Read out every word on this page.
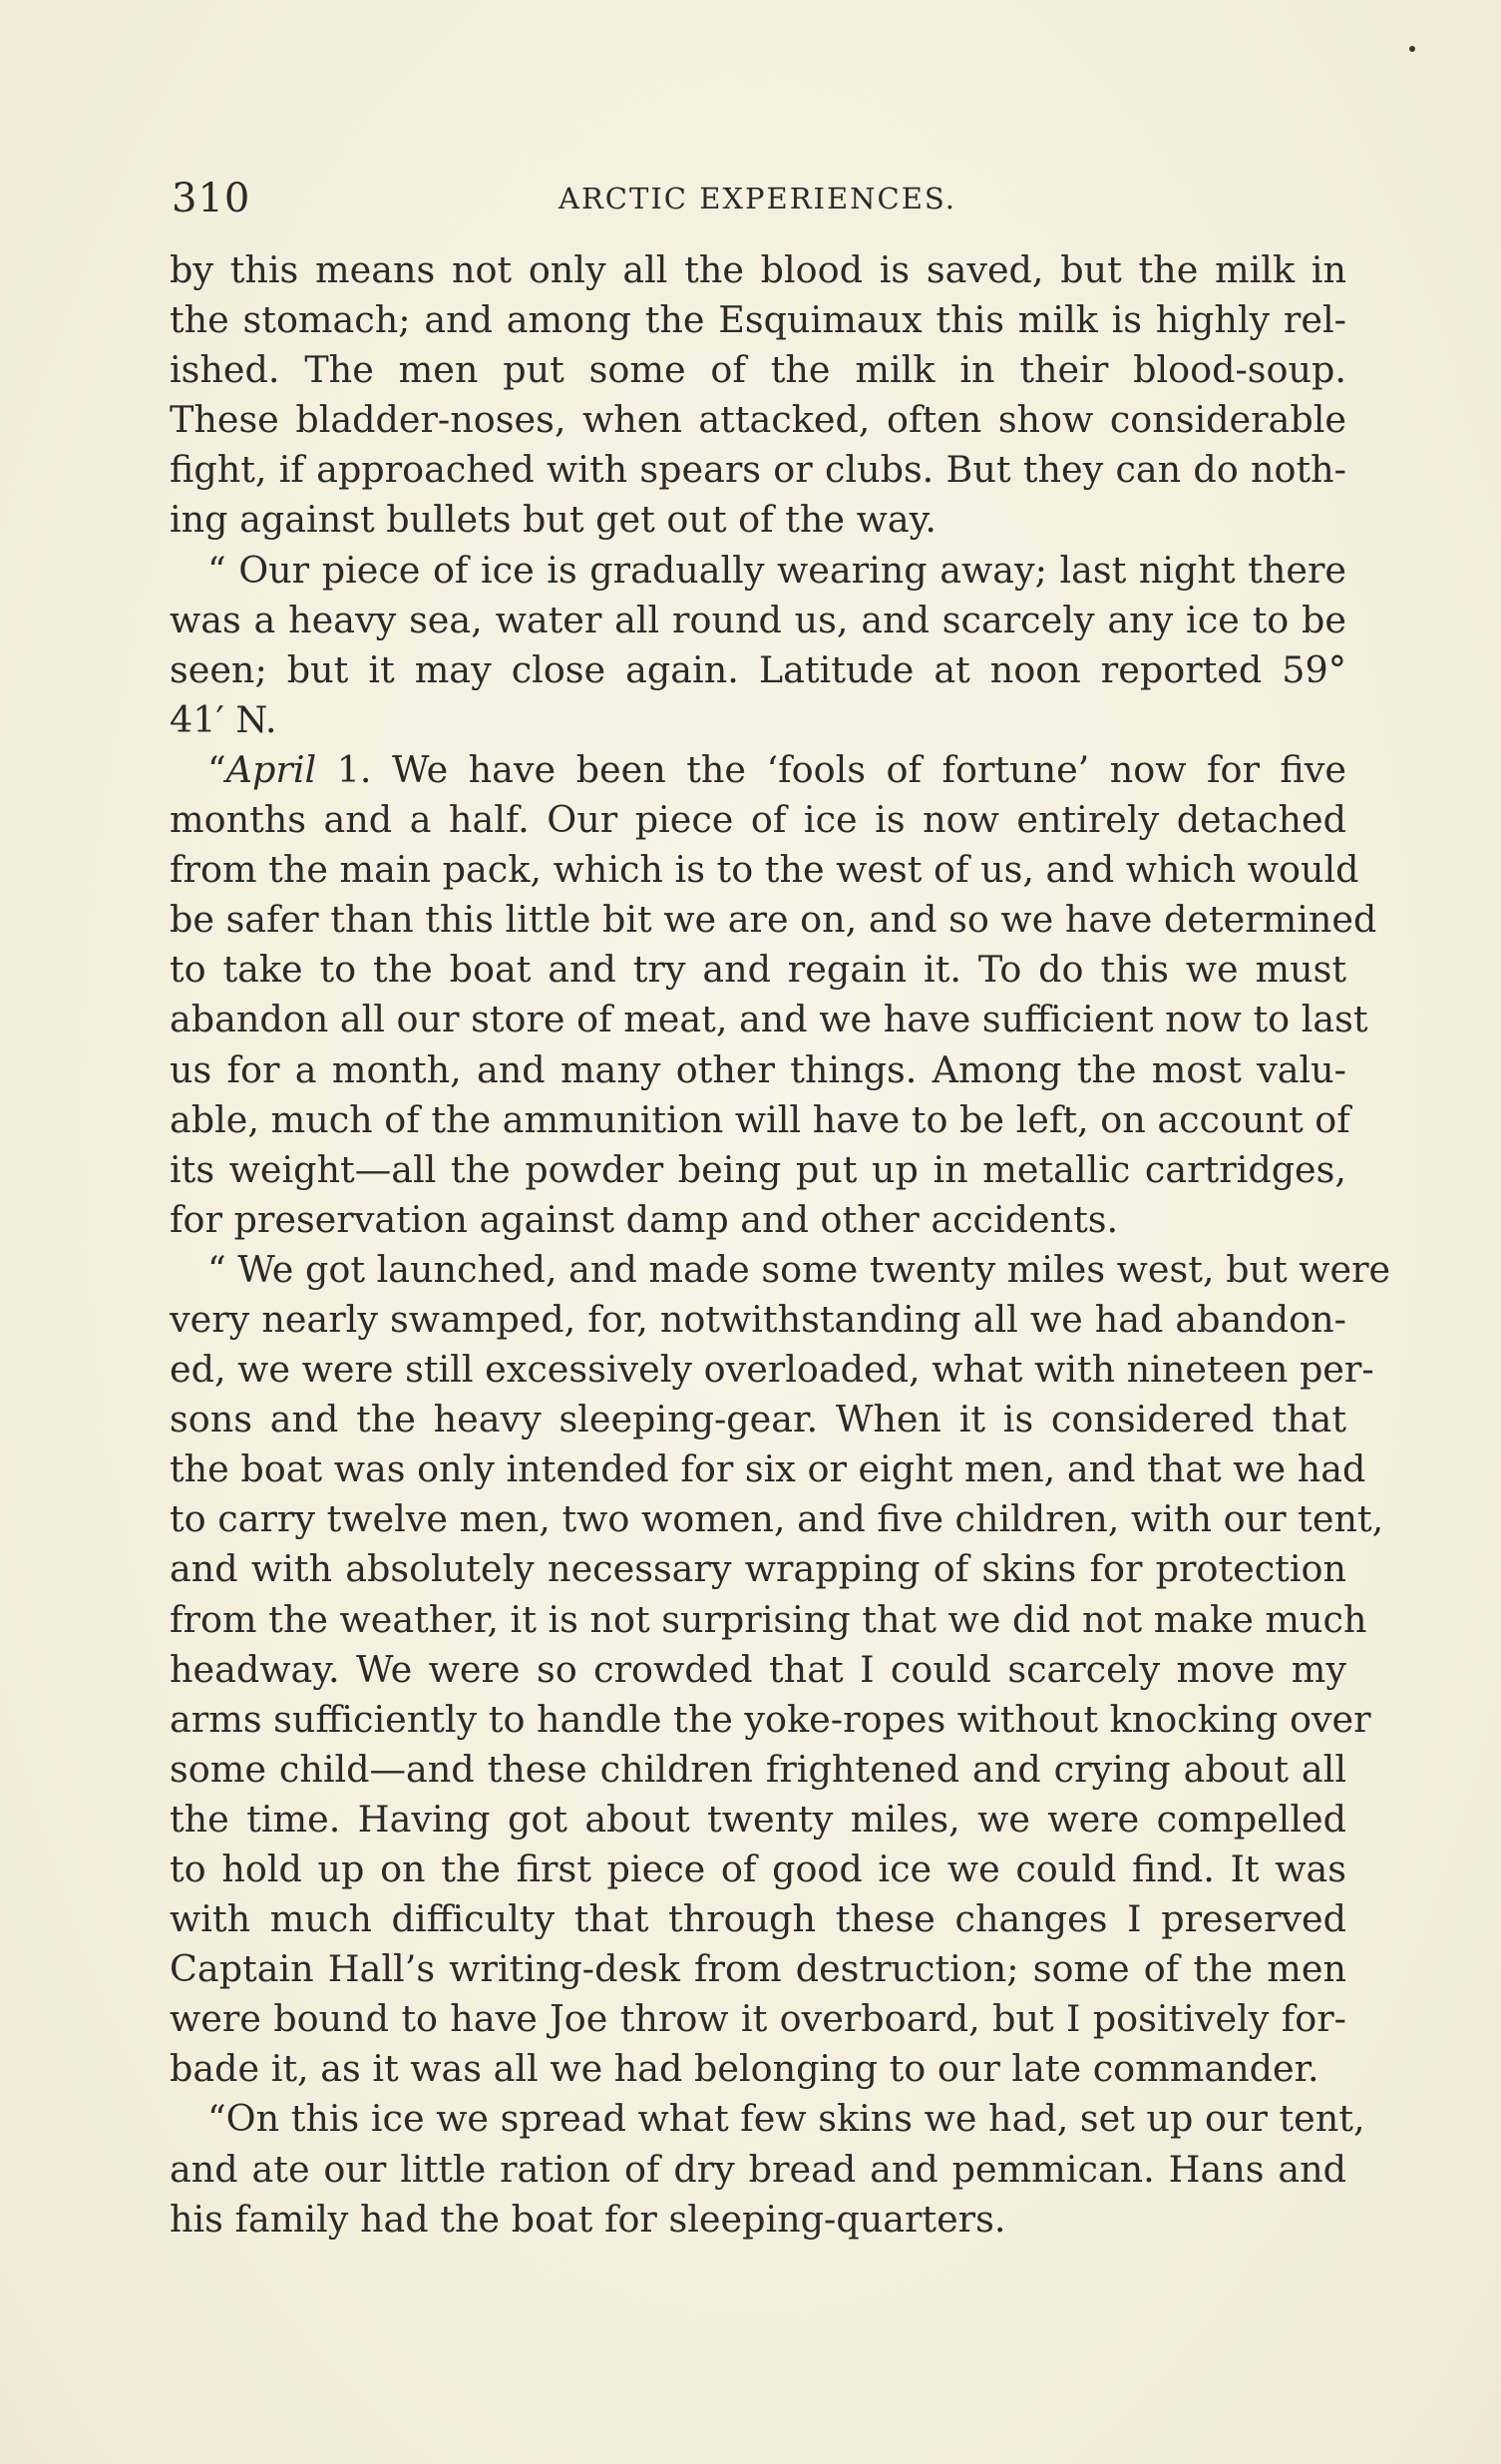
310	ARCTIC EXPERIENCES.
by this means not only all the blood is saved, but the milk in
the stomach; and among the Esquimaux this milk is highly rel-
ished. The men put some of the milk in their blood-soup.
These bladder-noses, when attacked, often show considerable
fight, if approached with spears or clubs. But they can do noth-
ing against bullets but get out of the way.
“ Our piece of ice is gradually wearing away; last night there
was a heavy sea, water all round us, and scarcely any ice to be
seen; but it may close again. Latitude at noon reported 59°
41′ N.
“April 1. We have been the ‘fools of fortune’ now for five
months and a half. Our piece of ice is now entirely detached
from the main pack, which is to the west of us, and which would
be safer than this little bit we are on, and so we have determined
to take to the boat and try and regain it. To do this we must
abandon all our store of meat, and we have sufficient now to last
us for a month, and many other things. Among the most valu-
able, much of the ammunition will have to be left, on account of
its weight—all the powder being put up in metallic cartridges,
for preservation against damp and other accidents.
“ We got launched, and made some twenty miles west, but were
very nearly swamped, for, notwithstanding all we had abandon-
ed, we were still excessively overloaded, what with nineteen per-
sons and the heavy sleeping-gear. When it is considered that
the boat was only intended for six or eight men, and that we had
to carry twelve men, two women, and five children, with our tent,
and with absolutely necessary wrapping of skins for protection
from the weather, it is not surprising that we did not make much
headway. We were so crowded that I could scarcely move my
arms sufficiently to handle the yoke-ropes without knocking over
some child—and these children frightened and crying about all
the time. Having got about twenty miles, we were compelled
to hold up on the first piece of good ice we could find. It was
with much difficulty that through these changes I preserved
Captain Hall’s writing-desk from destruction; some of the men
were bound to have Joe throw it overboard, but I positively for-
bade it, as it was all we had belonging to our late commander.
“On this ice we spread what few skins we had, set up our tent,
and ate our little ration of dry bread and pemmican. Hans and
his family had the boat for sleeping-quarters.
